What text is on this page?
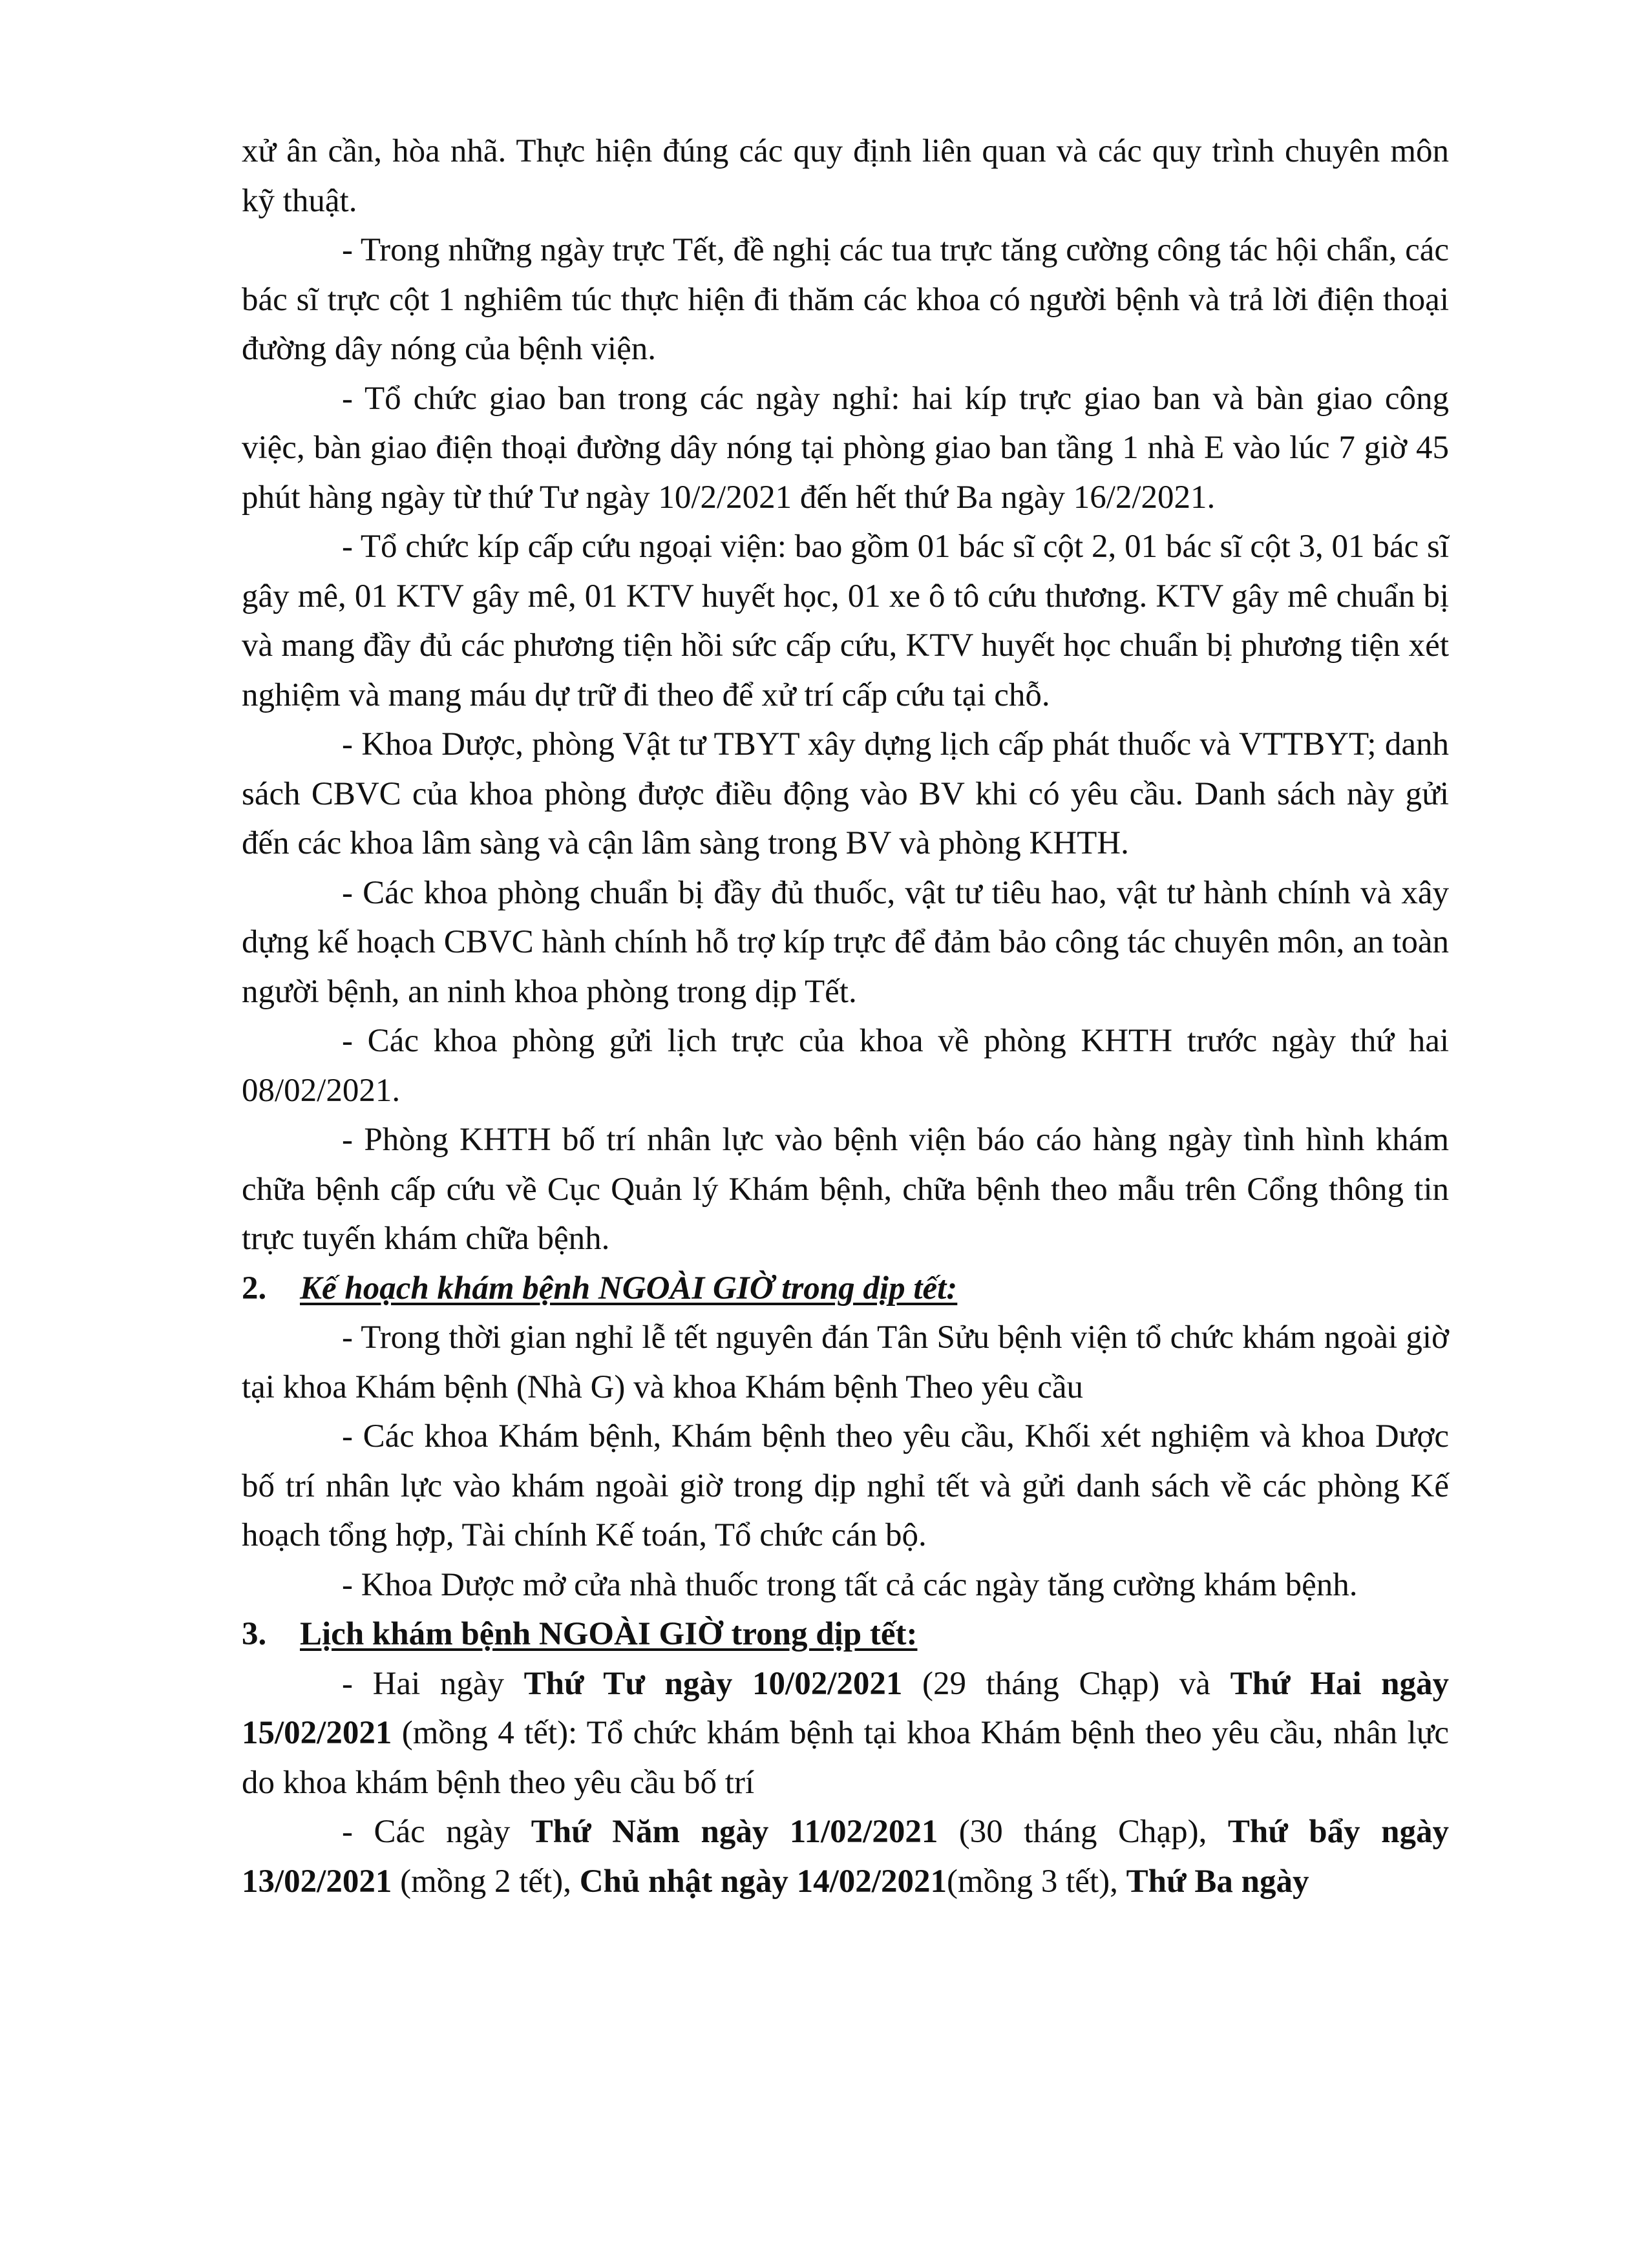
xử ân cần, hòa nhã. Thực hiện đúng các quy định liên quan và các quy trình chuyên môn kỹ thuật.

- Trong những ngày trực Tết, đề nghị các tua trực tăng cường công tác hội chẩn, các bác sĩ trực cột 1 nghiêm túc thực hiện đi thăm các khoa có người bệnh và trả lời điện thoại đường dây nóng của bệnh viện.

- Tổ chức giao ban trong các ngày nghỉ: hai kíp trực giao ban và bàn giao công việc, bàn giao điện thoại đường dây nóng tại phòng giao ban tầng 1 nhà E vào lúc 7 giờ 45 phút hàng ngày từ thứ Tư ngày 10/2/2021 đến hết thứ Ba ngày 16/2/2021.

- Tổ chức kíp cấp cứu ngoại viện: bao gồm 01 bác sĩ cột 2, 01 bác sĩ cột 3, 01 bác sĩ gây mê, 01 KTV gây mê, 01 KTV huyết học, 01 xe ô tô cứu thương. KTV gây mê chuẩn bị và mang đầy đủ các phương tiện hồi sức cấp cứu, KTV huyết học chuẩn bị phương tiện xét nghiệm và mang máu dự trữ đi theo để xử trí cấp cứu tại chỗ.

- Khoa Dược, phòng Vật tư TBYT xây dựng lịch cấp phát thuốc và VTTBYT; danh sách CBVC của khoa phòng được điều động vào BV khi có yêu cầu. Danh sách này gửi đến các khoa lâm sàng và cận lâm sàng trong BV và phòng KHTH.

- Các khoa phòng chuẩn bị đầy đủ thuốc, vật tư tiêu hao, vật tư hành chính và xây dựng kế hoạch CBVC hành chính hỗ trợ kíp trực để đảm bảo công tác chuyên môn, an toàn người bệnh, an ninh khoa phòng trong dịp Tết.

- Các khoa phòng gửi lịch trực của khoa về phòng KHTH trước ngày thứ hai 08/02/2021.

- Phòng KHTH bố trí nhân lực vào bệnh viện báo cáo hàng ngày tình hình khám chữa bệnh cấp cứu về Cục Quản lý Khám bệnh, chữa bệnh theo mẫu trên Cổng thông tin trực tuyến khám chữa bệnh.

2. Kế hoạch khám bệnh NGOÀI GIỜ trong dịp tết:

- Trong thời gian nghỉ lễ tết nguyên đán Tân Sửu bệnh viện tổ chức khám ngoài giờ tại khoa Khám bệnh (Nhà G) và khoa Khám bệnh Theo yêu cầu

- Các khoa Khám bệnh, Khám bệnh theo yêu cầu, Khối xét nghiệm và khoa Dược bố trí nhân lực vào khám ngoài giờ trong dịp nghỉ tết và gửi danh sách về các phòng Kế hoạch tổng hợp, Tài chính Kế toán, Tổ chức cán bộ.

- Khoa Dược mở cửa nhà thuốc trong tất cả các ngày tăng cường khám bệnh.

3. Lịch khám bệnh NGOÀI GIỜ trong dịp tết:

- Hai ngày Thứ Tư ngày 10/02/2021 (29 tháng Chạp) và Thứ Hai ngày 15/02/2021 (mồng 4 tết): Tổ chức khám bệnh tại khoa Khám bệnh theo yêu cầu, nhân lực do khoa khám bệnh theo yêu cầu bố trí

- Các ngày Thứ Năm ngày 11/02/2021 (30 tháng Chạp), Thứ bẩy ngày 13/02/2021 (mồng 2 tết), Chủ nhật ngày 14/02/2021(mồng 3 tết), Thứ Ba ngày
